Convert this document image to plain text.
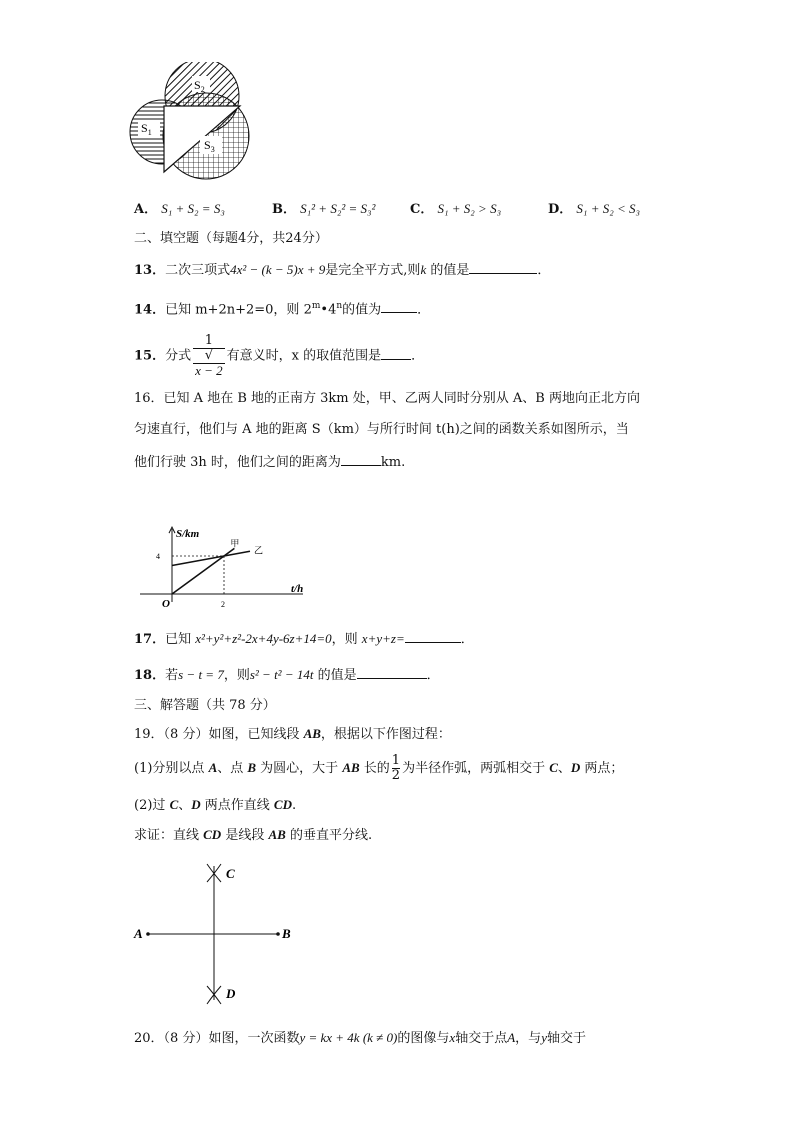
$S_2$
$S_1$
$S_3$
A． S₁ + S₂ = S₃	B． S₁² + S₂² = S₃²	C． S₁ + S₂ > S₃	D． S₁ + S₂ < S₃
二、填空题（每题4分，共24分）
13．二次三项式4x² − (k − 5)x + 9是完全平方式,则k 的值是	．
14．已知 m+2n+2=0，则 2$^m$•4$^n$的值为	．
15．分式 1
√
x − 2 有意义时，x 的取值范围是 ．
16．已知 A 地在 B 地的正南方 3km 处，甲、乙两人同时分别从 A、B 两地向正北方向
匀速直行，他们与 A 地的距离 S（km）与所行时间 t(h)之间的函数关系如图所示，当
他们行驶 3h 时，他们之间的距离为	km.
S/km
t/h
O	2
4
甲
乙
17．已知 x²+y²+z²-2x+4y-6z+14=0，则 x+y+z=	．
18．若s − t = 7，则s² − t² − 14t 的值是	．
三、解答题（共 78 分）
19．（8 分）如图，已知线段 AB，根据以下作图过程：
(1)分别以点 A、点 B 为圆心，大于 AB 长的 $\frac{1}{2}$ 为半径作弧，两弧相交于 C、D 两点；
(2)过 C、D 两点作直线 CD.
求证：直线 CD 是线段 AB 的垂直平分线.
A	B
C
D
20．（8 分）如图，一次函数y = kx + 4k (k ≠ 0)的图像与x轴交于点A，与y轴交于
